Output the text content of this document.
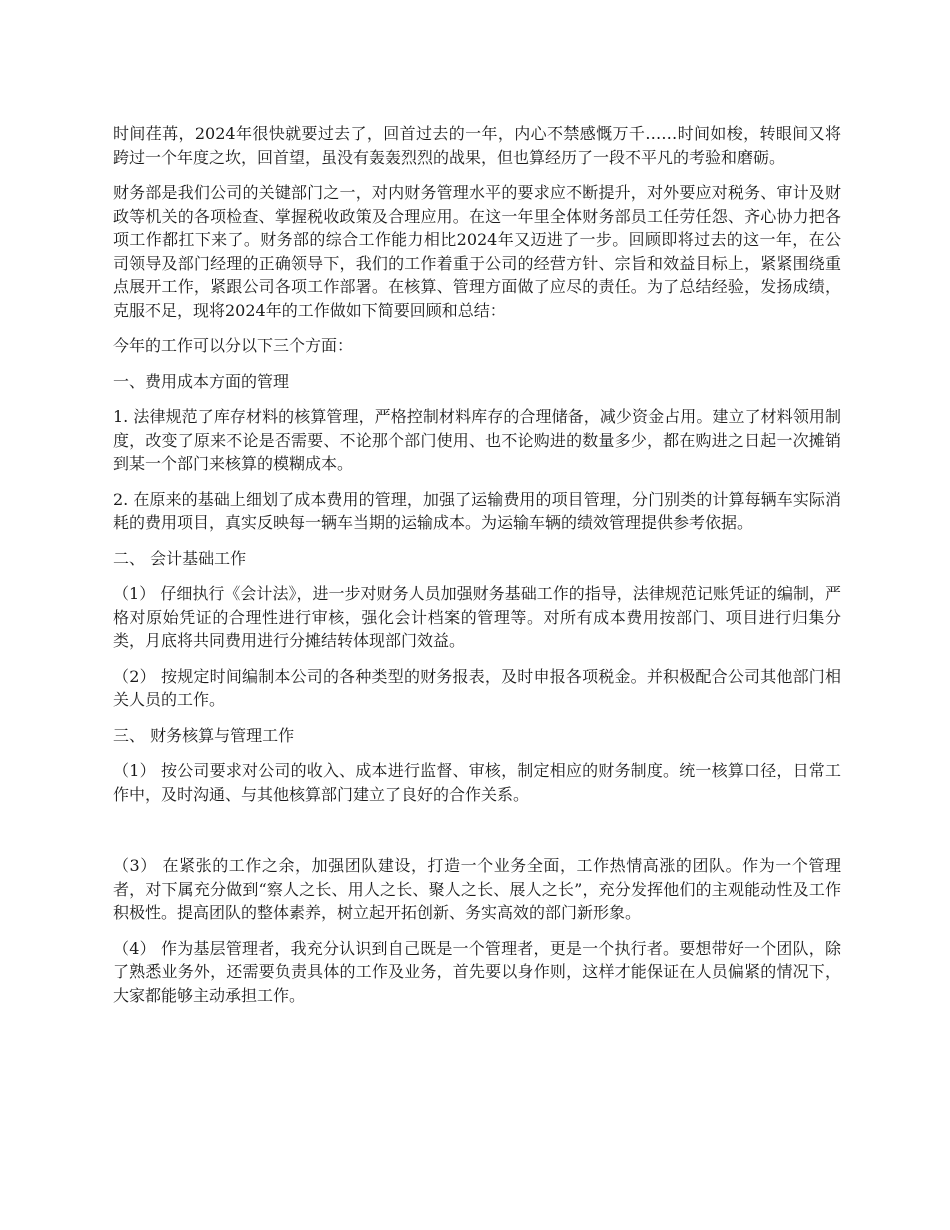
时间荏苒，2024年很快就要过去了，回首过去的一年，内心不禁感慨万千……时间如梭，转眼间又将跨过一个年度之坎，回首望，虽没有轰轰烈烈的战果，但也算经历了一段不平凡的考验和磨砺。

财务部是我们公司的关键部门之一，对内财务管理水平的要求应不断提升，对外要应对税务、审计及财政等机关的各项检查、掌握税收政策及合理应用。在这一年里全体财务部员工任劳任怨、齐心协力把各项工作都扛下来了。财务部的综合工作能力相比2024年又迈进了一步。回顾即将过去的这一年，在公司领导及部门经理的正确领导下，我们的工作着重于公司的经营方针、宗旨和效益目标上，紧紧围绕重点展开工作，紧跟公司各项工作部署。在核算、管理方面做了应尽的责任。为了总结经验，发扬成绩，克服不足，现将2024年的工作做如下简要回顾和总结：

今年的工作可以分以下三个方面：

一、费用成本方面的管理

1. 法律规范了库存材料的核算管理，严格控制材料库存的合理储备，减少资金占用。建立了材料领用制度，改变了原来不论是否需要、不论那个部门使用、也不论购进的数量多少，都在购进之日起一次摊销到某一个部门来核算的模糊成本。

2. 在原来的基础上细划了成本费用的管理，加强了运输费用的项目管理，分门别类的计算每辆车实际消耗的费用项目，真实反映每一辆车当期的运输成本。为运输车辆的绩效管理提供参考依据。

二、 会计基础工作

（1） 仔细执行《会计法》，进一步对财务人员加强财务基础工作的指导，法律规范记账凭证的编制，严格对原始凭证的合理性进行审核，强化会计档案的管理等。对所有成本费用按部门、项目进行归集分类，月底将共同费用进行分摊结转体现部门效益。

（2） 按规定时间编制本公司的各种类型的财务报表，及时申报各项税金。并积极配合公司其他部门相关人员的工作。

三、 财务核算与管理工作

（1） 按公司要求对公司的收入、成本进行监督、审核，制定相应的财务制度。统一核算口径，日常工作中，及时沟通、与其他核算部门建立了良好的合作关系。

（3） 在紧张的工作之余，加强团队建设，打造一个业务全面，工作热情高涨的团队。作为一个管理者，对下属充分做到“察人之长、用人之长、聚人之长、展人之长”，充分发挥他们的主观能动性及工作积极性。提高团队的整体素养，树立起开拓创新、务实高效的部门新形象。

（4） 作为基层管理者，我充分认识到自己既是一个管理者，更是一个执行者。要想带好一个团队，除了熟悉业务外，还需要负责具体的工作及业务，首先要以身作则，这样才能保证在人员偏紧的情况下，大家都能够主动承担工作。
